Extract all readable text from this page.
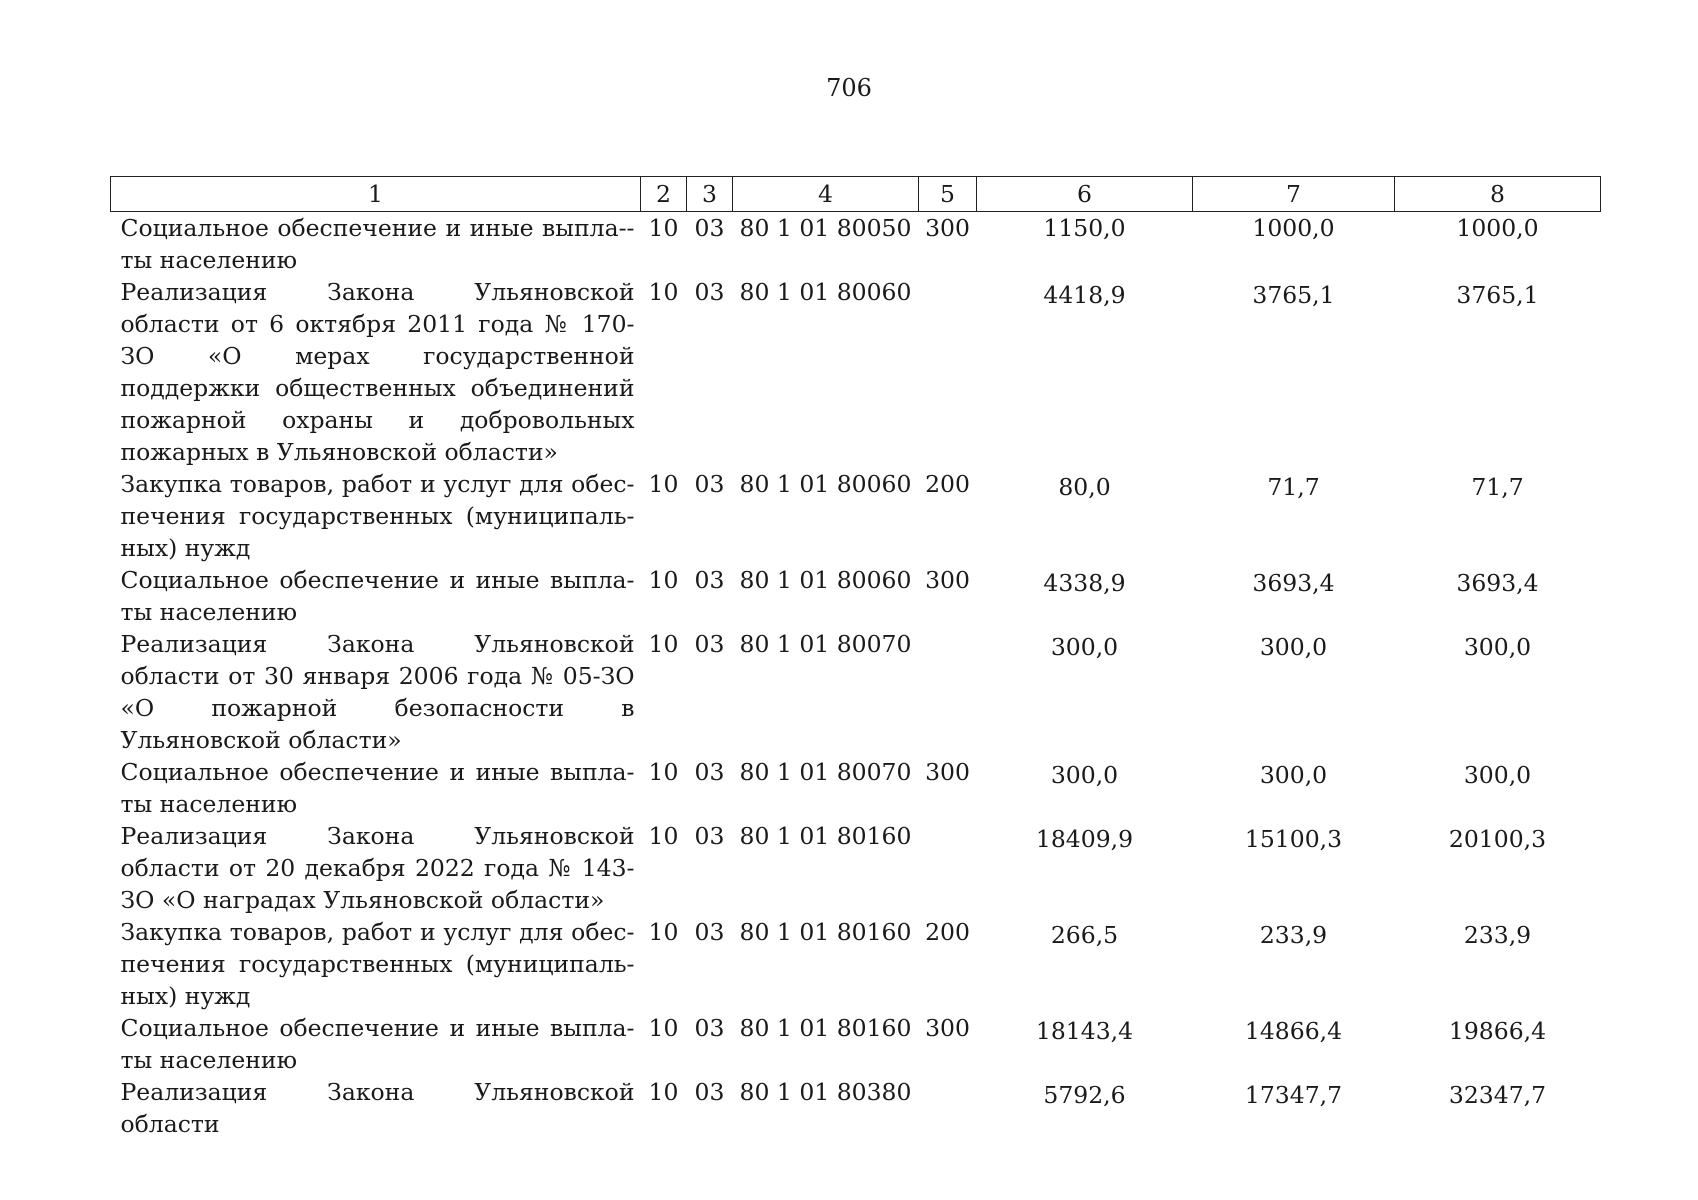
706
1	2	3	4	5	6	7	8
Социальное обеспечение и иные выпла-ты населению	10	03	80 1 01 80050	300	1150,0	1000,0	1000,0
Реализация Закона Ульяновской области от 6 октября 2011 года № 170-ЗО «О мерах государственной поддержки общественных объединений пожарной охраны и добровольных пожарных в Ульяновской области»	10	03	80 1 01 80060		4418,9	3765,1	3765,1
Закупка товаров, работ и услуг для обеспечения государственных (муниципальных) нужд	10	03	80 1 01 80060	200	80,0	71,7	71,7
Социальное обеспечение и иные выплаты населению	10	03	80 1 01 80060	300	4338,9	3693,4	3693,4
Реализация Закона Ульяновской области от 30 января 2006 года № 05-ЗО «О пожарной безопасности в Ульяновской области»	10	03	80 1 01 80070		300,0	300,0	300,0
Социальное обеспечение и иные выплаты населению	10	03	80 1 01 80070	300	300,0	300,0	300,0
Реализация Закона Ульяновской области от 20 декабря 2022 года № 143-ЗО «О наградах Ульяновской области»	10	03	80 1 01 80160		18409,9	15100,3	20100,3
Закупка товаров, работ и услуг для обеспечения государственных (муниципальных) нужд	10	03	80 1 01 80160	200	266,5	233,9	233,9
Социальное обеспечение и иные выплаты населению	10	03	80 1 01 80160	300	18143,4	14866,4	19866,4
Реализация Закона Ульяновской области	10	03	80 1 01 80380		5792,6	17347,7	32347,7
